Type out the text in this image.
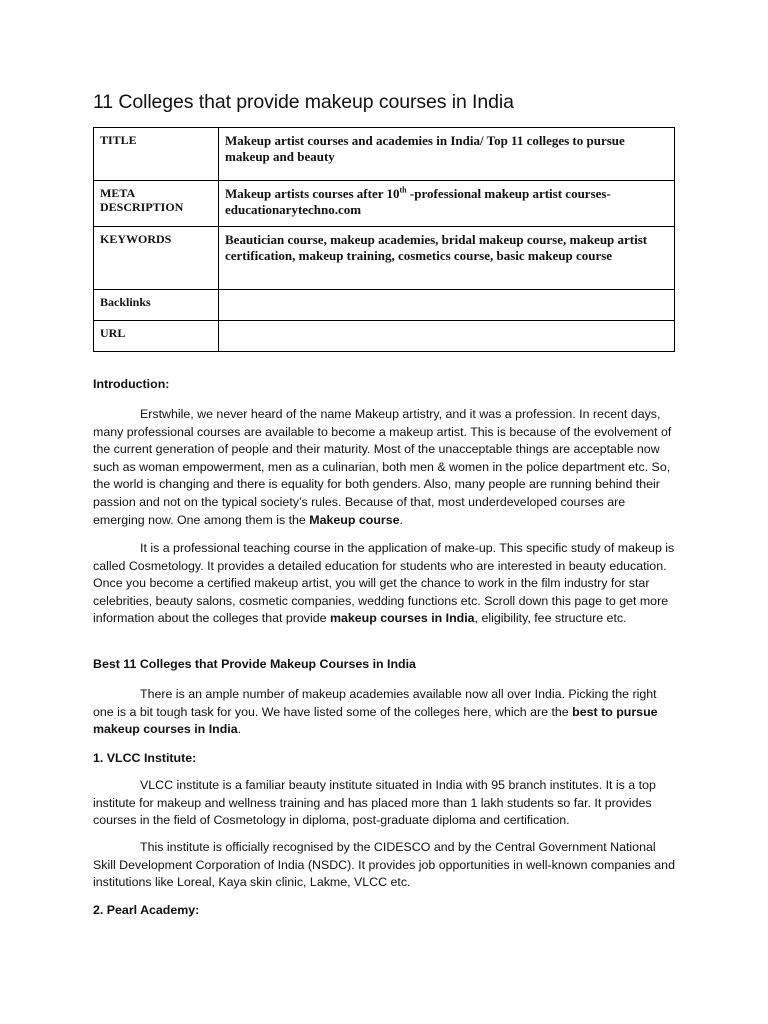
11 Colleges that provide makeup courses in India
TITLE	Makeup artist courses and academies in India/ Top 11 colleges to pursue makeup and beauty
META DESCRIPTION	Makeup artists courses after 10th -professional makeup artist courses- educationarytechno.com
KEYWORDS	Beautician course, makeup academies, bridal makeup course, makeup artist certification, makeup training, cosmetics course, basic makeup course
Backlinks	
URL	
Introduction:

Erstwhile, we never heard of the name Makeup artistry, and it was a profession. In recent days, many professional courses are available to become a makeup artist. This is because of the evolvement of the current generation of people and their maturity. Most of the unacceptable things are acceptable now such as woman empowerment, men as a culinarian, both men & women in the police department etc. So, the world is changing and there is equality for both genders. Also, many people are running behind their passion and not on the typical society’s rules. Because of that, most underdeveloped courses are emerging now. One among them is the Makeup course.

It is a professional teaching course in the application of make-up. This specific study of makeup is called Cosmetology. It provides a detailed education for students who are interested in beauty education. Once you become a certified makeup artist, you will get the chance to work in the film industry for star celebrities, beauty salons, cosmetic companies, wedding functions etc. Scroll down this page to get more information about the colleges that provide makeup courses in India, eligibility, fee structure etc.

Best 11 Colleges that Provide Makeup Courses in India

There is an ample number of makeup academies available now all over India. Picking the right one is a bit tough task for you. We have listed some of the colleges here, which are the best to pursue makeup courses in India.

1. VLCC Institute:

VLCC institute is a familiar beauty institute situated in India with 95 branch institutes. It is a top institute for makeup and wellness training and has placed more than 1 lakh students so far. It provides courses in the field of Cosmetology in diploma, post-graduate diploma and certification.

This institute is officially recognised by the CIDESCO and by the Central Government National Skill Development Corporation of India (NSDC). It provides job opportunities in well-known companies and institutions like Loreal, Kaya skin clinic, Lakme, VLCC etc.

2. Pearl Academy:
